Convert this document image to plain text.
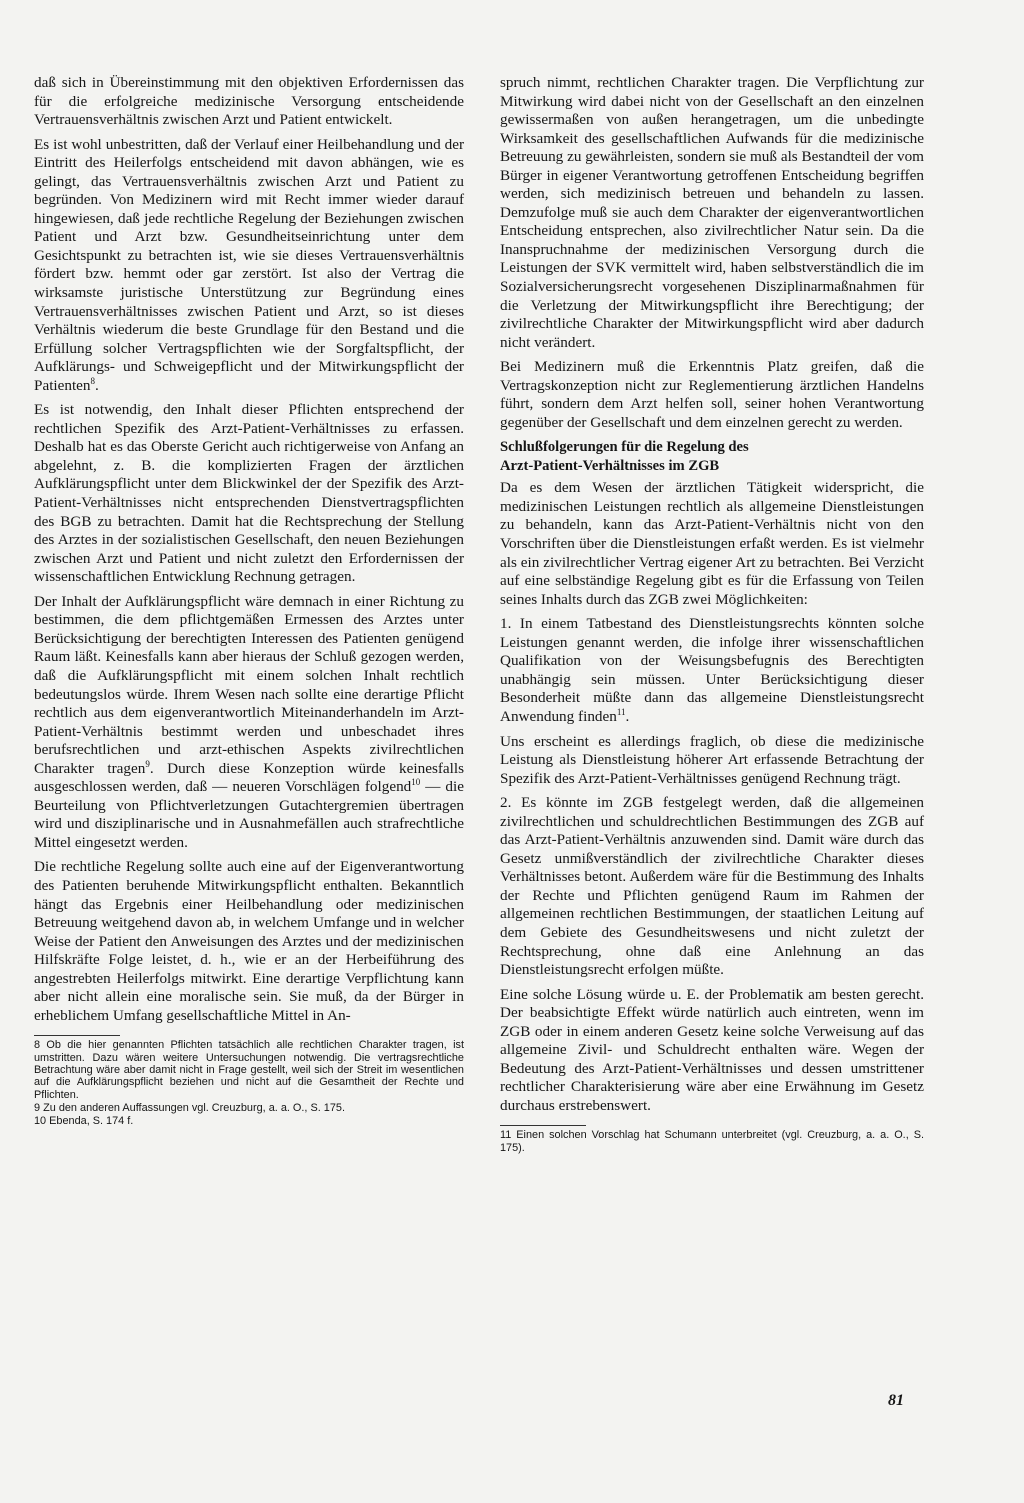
daß sich in Übereinstimmung mit den objektiven Erfordernissen das für die erfolgreiche medizinische Versorgung entscheidende Vertrauensverhältnis zwischen Arzt und Patient entwickelt.

Es ist wohl unbestritten, daß der Verlauf einer Heilbehandlung und der Eintritt des Heilerfolgs entscheidend mit davon abhängen, wie es gelingt, das Vertrauensverhältnis zwischen Arzt und Patient zu begründen. Von Medizinern wird mit Recht immer wieder darauf hingewiesen, daß jede rechtliche Regelung der Beziehungen zwischen Patient und Arzt bzw. Gesundheitseinrichtung unter dem Gesichtspunkt zu betrachten ist, wie sie dieses Vertrauensverhältnis fördert bzw. hemmt oder gar zerstört. Ist also der Vertrag die wirksamste juristische Unterstützung zur Begründung eines Vertrauensverhältnisses zwischen Patient und Arzt, so ist dieses Verhältnis wiederum die beste Grundlage für den Bestand und die Erfüllung solcher Vertragspflichten wie der Sorgfaltspflicht, der Aufklärungs- und Schweigepflicht und der Mitwirkungspflicht der Patienten$^8$.

Es ist notwendig, den Inhalt dieser Pflichten entsprechend der rechtlichen Spezifik des Arzt-Patient-Verhältnisses zu erfassen. Deshalb hat es das Oberste Gericht auch richtigerweise von Anfang an abgelehnt, z. B. die komplizierten Fragen der ärztlichen Aufklärungspflicht unter dem Blickwinkel der der Spezifik des Arzt-Patient-Verhältnisses nicht entsprechenden Dienstvertragspflichten des BGB zu betrachten. Damit hat die Rechtsprechung der Stellung des Arztes in der sozialistischen Gesellschaft, den neuen Beziehungen zwischen Arzt und Patient und nicht zuletzt den Erfordernissen der wissenschaftlichen Entwicklung Rechnung getragen.

Der Inhalt der Aufklärungspflicht wäre demnach in einer Richtung zu bestimmen, die dem pflichtgemäßen Ermessen des Arztes unter Berücksichtigung der berechtigten Interessen des Patienten genügend Raum läßt. Keinesfalls kann aber hieraus der Schluß gezogen werden, daß die Aufklärungspflicht mit einem solchen Inhalt rechtlich bedeutungslos würde. Ihrem Wesen nach sollte eine derartige Pflicht rechtlich aus dem eigenverantwortlich Miteinanderhandeln im Arzt-Patient-Verhältnis bestimmt werden und unbeschadet ihres berufsrechtlichen und arzt-ethischen Aspekts zivilrechtlichen Charakter tragen$^9$. Durch diese Konzeption würde keinesfalls ausgeschlossen werden, daß — neueren Vorschlägen folgend$^{10}$ — die Beurteilung von Pflichtverletzungen Gutachtergremien übertragen wird und disziplinarische und in Ausnahmefällen auch strafrechtliche Mittel eingesetzt werden.

Die rechtliche Regelung sollte auch eine auf der Eigenverantwortung des Patienten beruhende Mitwirkungspflicht enthalten. Bekanntlich hängt das Ergebnis einer Heilbehandlung oder medizinischen Betreuung weitgehend davon ab, in welchem Umfange und in welcher Weise der Patient den Anweisungen des Arztes und der medizinischen Hilfskräfte Folge leistet, d. h., wie er an der Herbeiführung des angestrebten Heilerfolgs mitwirkt. Eine derartige Verpflichtung kann aber nicht allein eine moralische sein. Sie muß, da der Bürger in erheblichem Umfang gesellschaftliche Mittel in An-

8 Ob die hier genannten Pflichten tatsächlich alle rechtlichen Charakter tragen, ist umstritten. Dazu wären weitere Untersuchungen notwendig. Die vertragsrechtliche Betrachtung wäre aber damit nicht in Frage gestellt, weil sich der Streit im wesentlichen auf die Aufklärungspflicht beziehen und nicht auf die Gesamtheit der Rechte und Pflichten.

9 Zu den anderen Auffassungen vgl. Creuzburg, a. a. O., S. 175.

10 Ebenda, S. 174 f.

spruch nimmt, rechtlichen Charakter tragen. Die Verpflichtung zur Mitwirkung wird dabei nicht von der Gesellschaft an den einzelnen gewissermaßen von außen herangetragen, um die unbedingte Wirksamkeit des gesellschaftlichen Aufwands für die medizinische Betreuung zu gewährleisten, sondern sie muß als Bestandteil der vom Bürger in eigener Verantwortung getroffenen Entscheidung begriffen werden, sich medizinisch betreuen und behandeln zu lassen. Demzufolge muß sie auch dem Charakter der eigenverantwortlichen Entscheidung entsprechen, also zivilrechtlicher Natur sein. Da die Inanspruchnahme der medizinischen Versorgung durch die Leistungen der SVK vermittelt wird, haben selbstverständlich die im Sozialversicherungsrecht vorgesehenen Disziplinarmaßnahmen für die Verletzung der Mitwirkungspflicht ihre Berechtigung; der zivilrechtliche Charakter der Mitwirkungspflicht wird aber dadurch nicht verändert.

Bei Medizinern muß die Erkenntnis Platz greifen, daß die Vertragskonzeption nicht zur Reglementierung ärztlichen Handelns führt, sondern dem Arzt helfen soll, seiner hohen Verantwortung gegenüber der Gesellschaft und dem einzelnen gerecht zu werden.

Schlußfolgerungen für die Regelung des
Arzt-Patient-Verhältnisses im ZGB

Da es dem Wesen der ärztlichen Tätigkeit widerspricht, die medizinischen Leistungen rechtlich als allgemeine Dienstleistungen zu behandeln, kann das Arzt-Patient-Verhältnis nicht von den Vorschriften über die Dienstleistungen erfaßt werden. Es ist vielmehr als ein zivilrechtlicher Vertrag eigener Art zu betrachten. Bei Verzicht auf eine selbständige Regelung gibt es für die Erfassung von Teilen seines Inhalts durch das ZGB zwei Möglichkeiten:

1. In einem Tatbestand des Dienstleistungsrechts könnten solche Leistungen genannt werden, die infolge ihrer wissenschaftlichen Qualifikation von der Weisungsbefugnis des Berechtigten unabhängig sein müssen. Unter Berücksichtigung dieser Besonderheit müßte dann das allgemeine Dienstleistungsrecht Anwendung finden$^{11}$.

Uns erscheint es allerdings fraglich, ob diese die medizinische Leistung als Dienstleistung höherer Art erfassende Betrachtung der Spezifik des Arzt-Patient-Verhältnisses genügend Rechnung trägt.

2. Es könnte im ZGB festgelegt werden, daß die allgemeinen zivilrechtlichen und schuldrechtlichen Bestimmungen des ZGB auf das Arzt-Patient-Verhältnis anzuwenden sind. Damit wäre durch das Gesetz unmißverständlich der zivilrechtliche Charakter dieses Verhältnisses betont. Außerdem wäre für die Bestimmung des Inhalts der Rechte und Pflichten genügend Raum im Rahmen der allgemeinen rechtlichen Bestimmungen, der staatlichen Leitung auf dem Gebiete des Gesundheitswesens und nicht zuletzt der Rechtsprechung, ohne daß eine Anlehnung an das Dienstleistungsrecht erfolgen müßte.

Eine solche Lösung würde u. E. der Problematik am besten gerecht. Der beabsichtigte Effekt würde natürlich auch eintreten, wenn im ZGB oder in einem anderen Gesetz keine solche Verweisung auf das allgemeine Zivil- und Schuldrecht enthalten wäre. Wegen der Bedeutung des Arzt-Patient-Verhältnisses und dessen umstrittener rechtlicher Charakterisierung wäre aber eine Erwähnung im Gesetz durchaus erstrebenswert.

11 Einen solchen Vorschlag hat Schumann unterbreitet (vgl. Creuzburg, a. a. O., S. 175).

81
